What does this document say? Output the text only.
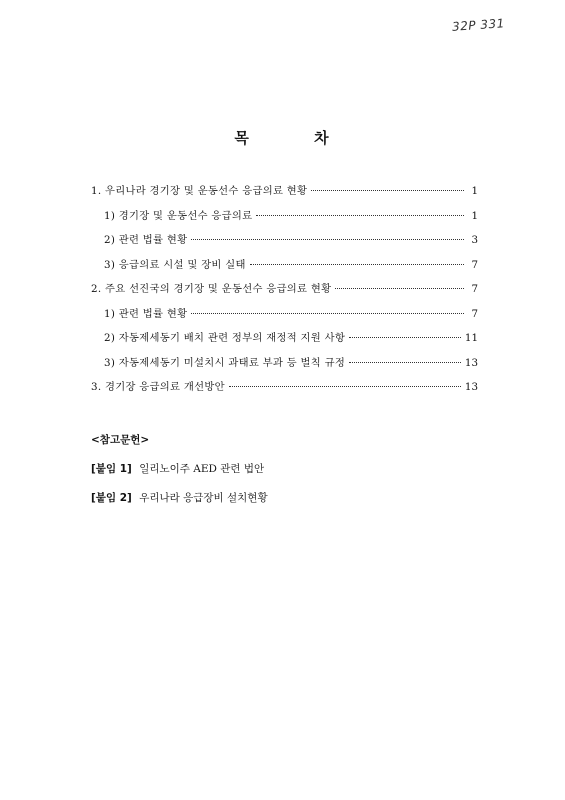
32P 331
목 차
1. 우리나라 경기장 및 운동선수 응급의료 현황	1
1) 경기장 및 운동선수 응급의료	1
2) 관련 법률 현황	3
3) 응급의료 시설 및 장비 실태	7
2. 주요 선진국의 경기장 및 운동선수 응급의료 현황	7
1) 관련 법률 현황	7
2) 자동제세동기 배치 관련 정부의 재정적 지원 사항	11
3) 자동제세동기 미설치시 과태료 부과 등 벌칙 규정	13
3. 경기장 응급의료 개선방안	13
<참고문헌>
[붙임 1] 일리노이주 AED 관련 법안
[붙임 2] 우리나라 응급장비 설치현황
